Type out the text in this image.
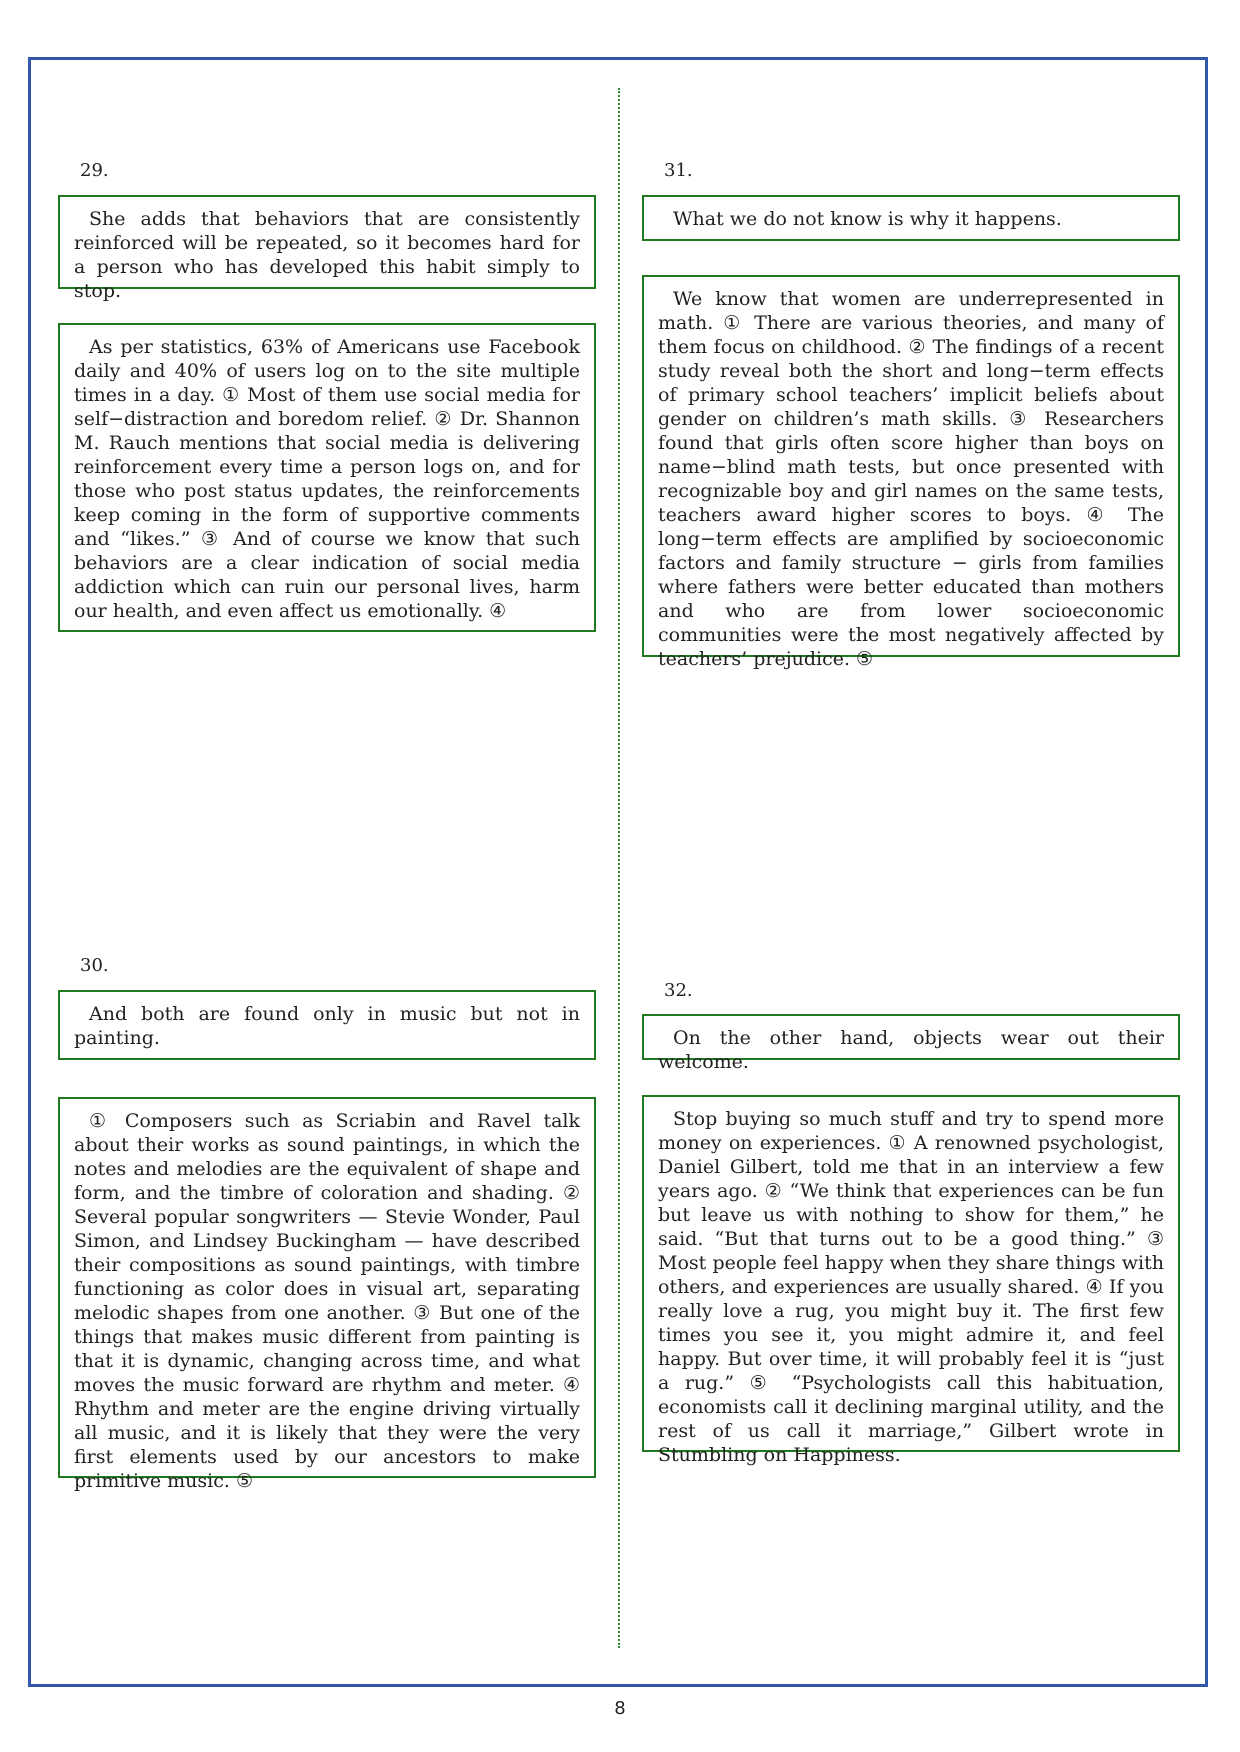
29.
She adds that behaviors that are consistently reinforced will be repeated, so it becomes hard for a person who has developed this habit simply to stop.
As per statistics, 63% of Americans use Facebook daily and 40% of users log on to the site multiple times in a day. ① Most of them use social media for self−distraction and boredom relief. ② Dr. Shannon M. Rauch mentions that social media is delivering reinforcement every time a person logs on, and for those who post status updates, the reinforcements keep coming in the form of supportive comments and “likes.” ③ And of course we know that such behaviors are a clear indication of social media addiction which can ruin our personal lives, harm our health, and even affect us emotionally. ④
30.
And both are found only in music but not in painting.
① Composers such as Scriabin and Ravel talk about their works as sound paintings, in which the notes and melodies are the equivalent of shape and form, and the timbre of coloration and shading. ② Several popular songwriters — Stevie Wonder, Paul Simon, and Lindsey Buckingham — have described their compositions as sound paintings, with timbre functioning as color does in visual art, separating melodic shapes from one another. ③ But one of the things that makes music different from painting is that it is dynamic, changing across time, and what moves the music forward are rhythm and meter. ④ Rhythm and meter are the engine driving virtually all music, and it is likely that they were the very first elements used by our ancestors to make primitive music. ⑤
31.
What we do not know is why it happens.
We know that women are underrepresented in math. ① There are various theories, and many of them focus on childhood. ② The findings of a recent study reveal both the short and long−term effects of primary school teachers’ implicit beliefs about gender on children’s math skills. ③ Researchers found that girls often score higher than boys on name−blind math tests, but once presented with recognizable boy and girl names on the same tests, teachers award higher scores to boys. ④ The long−term effects are amplified by socioeconomic factors and family structure − girls from families where fathers were better educated than mothers and who are from lower socioeconomic communities were the most negatively affected by teachers’ prejudice. ⑤
32.
On the other hand, objects wear out their welcome.
Stop buying so much stuff and try to spend more money on experiences. ① A renowned psychologist, Daniel Gilbert, told me that in an interview a few years ago. ② “We think that experiences can be fun but leave us with nothing to show for them,” he said. “But that turns out to be a good thing.” ③ Most people feel happy when they share things with others, and experiences are usually shared. ④ If you really love a rug, you might buy it. The first few times you see it, you might admire it, and feel happy. But over time, it will probably feel it is “just a rug.” ⑤ “Psychologists call this habituation, economists call it declining marginal utility, and the rest of us call it marriage,” Gilbert wrote in Stumbling on Happiness.
8
